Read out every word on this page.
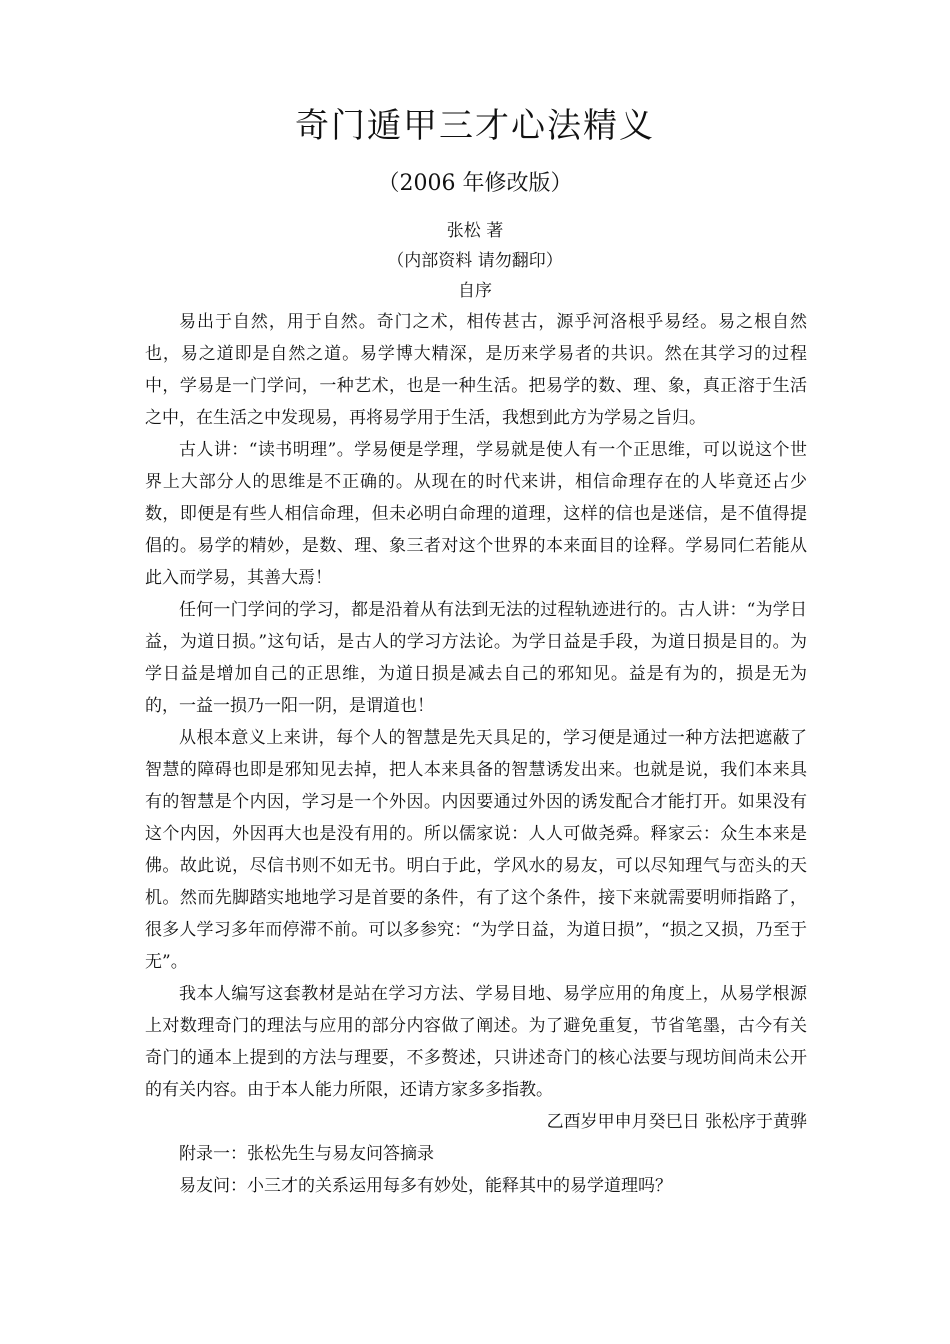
奇门遁甲三才心法精义
（2006 年修改版）
张松 著
（内部资料 请勿翻印）
自序

易出于自然，用于自然。奇门之术，相传甚古，源乎河洛根乎易经。易之根自然也，易之道即是自然之道。易学博大精深，是历来学易者的共识。然在其学习的过程中，学易是一门学问，一种艺术，也是一种生活。把易学的数、理、象，真正溶于生活之中，在生活之中发现易，再将易学用于生活，我想到此方为学易之旨归。

古人讲：“读书明理”。学易便是学理，学易就是使人有一个正思维，可以说这个世界上大部分人的思维是不正确的。从现在的时代来讲，相信命理存在的人毕竟还占少数，即便是有些人相信命理，但未必明白命理的道理，这样的信也是迷信，是不值得提倡的。易学的精妙，是数、理、象三者对这个世界的本来面目的诠释。学易同仁若能从此入而学易，其善大焉！

任何一门学问的学习，都是沿着从有法到无法的过程轨迹进行的。古人讲：“为学日益，为道日损。”这句话，是古人的学习方法论。为学日益是手段，为道日损是目的。为学日益是增加自己的正思维，为道日损是减去自己的邪知见。益是有为的，损是无为的，一益一损乃一阳一阴，是谓道也！

从根本意义上来讲，每个人的智慧是先天具足的，学习便是通过一种方法把遮蔽了智慧的障碍也即是邪知见去掉，把人本来具备的智慧诱发出来。也就是说，我们本来具有的智慧是个内因，学习是一个外因。内因要通过外因的诱发配合才能打开。如果没有这个内因，外因再大也是没有用的。所以儒家说：人人可做尧舜。释家云：众生本来是佛。故此说，尽信书则不如无书。明白于此，学风水的易友，可以尽知理气与峦头的天机。然而先脚踏实地地学习是首要的条件，有了这个条件，接下来就需要明师指路了，很多人学习多年而停滞不前。可以多参究：“为学日益，为道日损”，“损之又损，乃至于无”。

我本人编写这套教材是站在学习方法、学易目地、易学应用的角度上，从易学根源上对数理奇门的理法与应用的部分内容做了阐述。为了避免重复，节省笔墨，古今有关奇门的通本上提到的方法与理要，不多赘述，只讲述奇门的核心法要与现坊间尚未公开的有关内容。由于本人能力所限，还请方家多多指教。

乙酉岁甲申月癸巳日 张松序于黄骅

附录一：张松先生与易友问答摘录

易友问：小三才的关系运用每多有妙处，能释其中的易学道理吗？
